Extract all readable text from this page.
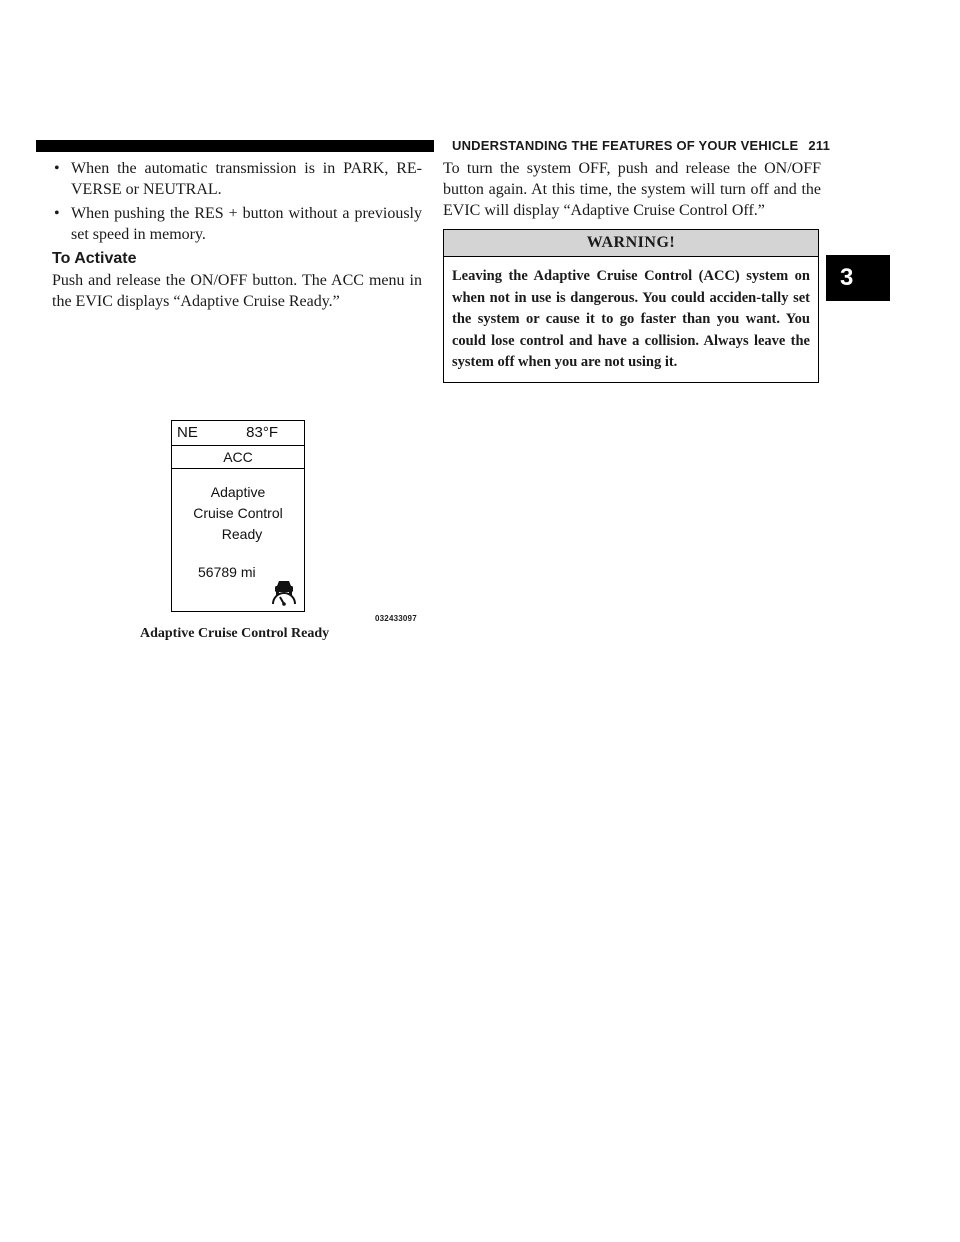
UNDERSTANDING THE FEATURES OF YOUR VEHICLE 211
• When the automatic transmission is in PARK, RE-VERSE or NEUTRAL.
• When pushing the RES + button without a previously set speed in memory.
To Activate

Push and release the ON/OFF button. The ACC menu in the EVIC displays “Adaptive Cruise Ready.”

NE	83°F
ACC
Adaptive
Cruise Control
Ready
56789 mi
032433097
Adaptive Cruise Control Ready

To turn the system OFF, push and release the ON/OFF button again. At this time, the system will turn off and the EVIC will display “Adaptive Cruise Control Off.”

WARNING!
Leaving the Adaptive Cruise Control (ACC) system on when not in use is dangerous. You could acciden-tally set the system or cause it to go faster than you want. You could lose control and have a collision. Always leave the system off when you are not using it.
3
